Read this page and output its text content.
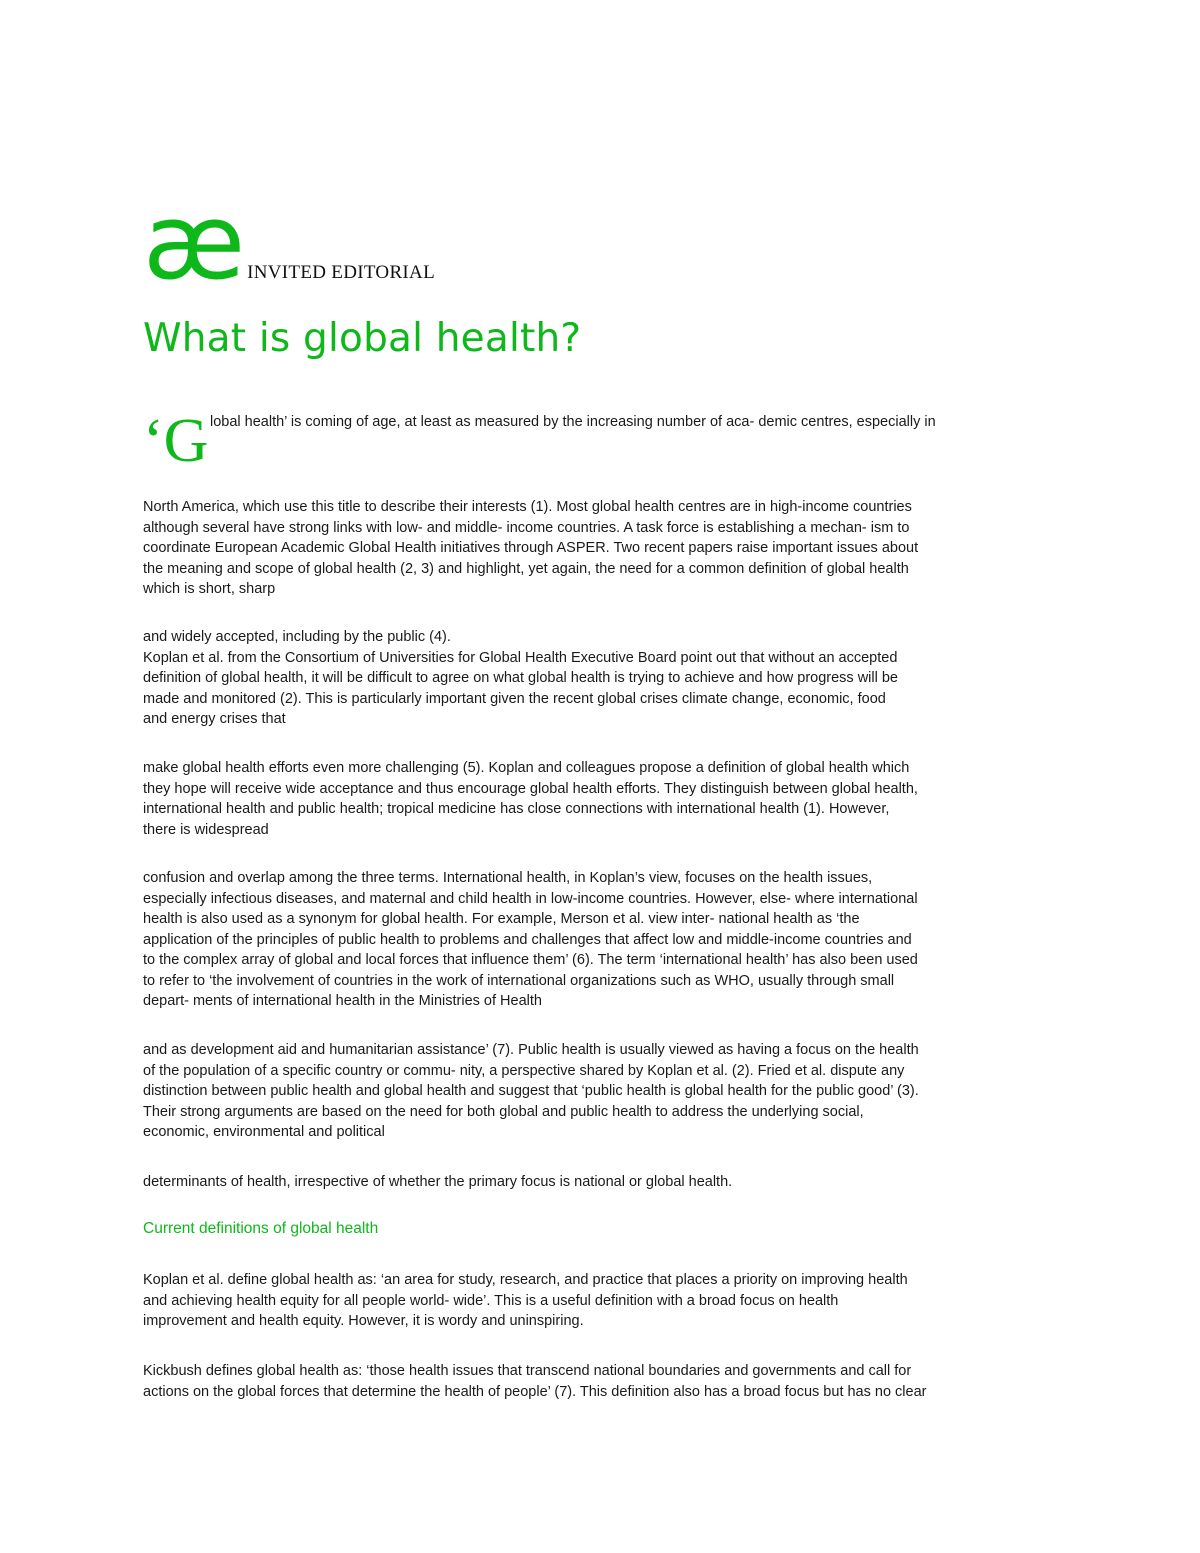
æ INVITED EDITORIAL
What is global health?
‘G lobal health’ is coming of age, at least as measured by the increasing number of aca- demic centres, especially in

North America, which use this title to describe their interests (1). Most global health centres are in high-income countries
although several have strong links with low- and middle- income countries. A task force is establishing a mechan- ism to
coordinate European Academic Global Health initiatives through ASPER. Two recent papers raise important issues about
the meaning and scope of global health (2, 3) and highlight, yet again, the need for a common definition of global health
which is short, sharp

and widely accepted, including by the public (4).
Koplan et al. from the Consortium of Universities for Global Health Executive Board point out that without an accepted
definition of global health, it will be difficult to agree on what global health is trying to achieve and how progress will be
made and monitored (2). This is particularly important given the recent global crises climate change, economic, food
and energy crises that

make global health efforts even more challenging (5). Koplan and colleagues propose a definition of global health which
they hope will receive wide acceptance and thus encourage global health efforts. They distinguish between global health,
international health and public health; tropical medicine has close connections with international health (1). However,
there is widespread

confusion and overlap among the three terms. International health, in Koplan’s view, focuses on the health issues,
especially infectious diseases, and maternal and child health in low-income countries. However, else- where international
health is also used as a synonym for global health. For example, Merson et al. view inter- national health as ‘the
application of the principles of public health to problems and challenges that affect low and middle-income countries and
to the complex array of global and local forces that influence them’ (6). The term ‘international health’ has also been used
to refer to ‘the involvement of countries in the work of international organizations such as WHO, usually through small
depart- ments of international health in the Ministries of Health

and as development aid and humanitarian assistance’ (7). Public health is usually viewed as having a focus on the health
of the population of a specific country or commu- nity, a perspective shared by Koplan et al. (2). Fried et al. dispute any
distinction between public health and global health and suggest that ‘public health is global health for the public good’ (3).
Their strong arguments are based on the need for both global and public health to address the underlying social,
economic, environmental and political

determinants of health, irrespective of whether the primary focus is national or global health.

Current definitions of global health

Koplan et al. define global health as: ‘an area for study, research, and practice that places a priority on improving health
and achieving health equity for all people world- wide’. This is a useful definition with a broad focus on health
improvement and health equity. However, it is wordy and uninspiring.

Kickbush defines global health as: ‘those health issues that transcend national boundaries and governments and call for
actions on the global forces that determine the health of people’ (7). This definition also has a broad focus but has no clear
